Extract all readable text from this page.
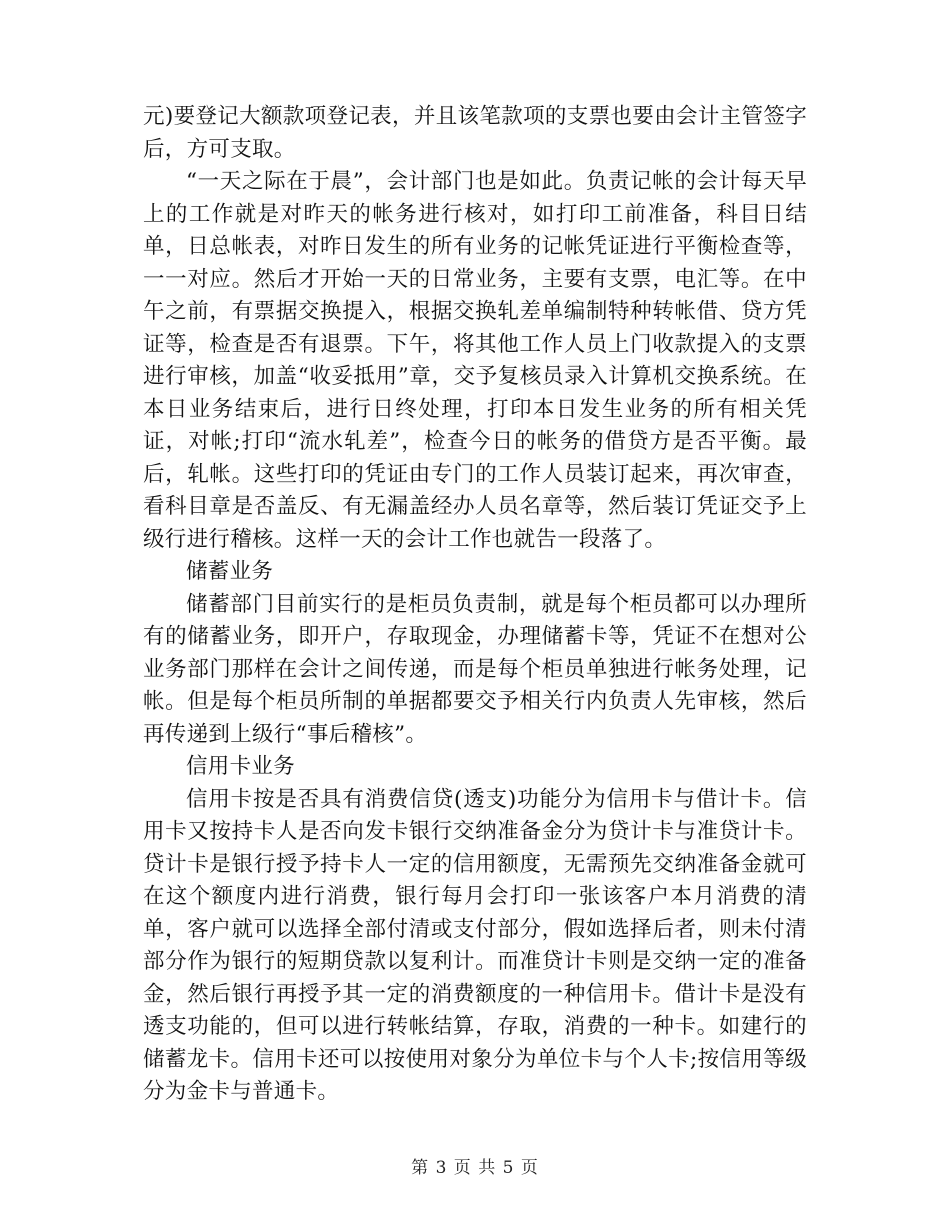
元)要登记大额款项登记表，并且该笔款项的支票也要由会计主管签字后，方可支取。

“一天之际在于晨”，会计部门也是如此。负责记帐的会计每天早上的工作就是对昨天的帐务进行核对，如打印工前准备，科目日结单，日总帐表，对昨日发生的所有业务的记帐凭证进行平衡检查等，一一对应。然后才开始一天的日常业务，主要有支票，电汇等。在中午之前，有票据交换提入，根据交换轧差单编制特种转帐借、贷方凭证等，检查是否有退票。下午，将其他工作人员上门收款提入的支票进行审核，加盖“收妥抵用”章，交予复核员录入计算机交换系统。在本日业务结束后，进行日终处理，打印本日发生业务的所有相关凭证，对帐;打印“流水轧差”，检查今日的帐务的借贷方是否平衡。最后，轧帐。这些打印的凭证由专门的工作人员装订起来，再次审查，看科目章是否盖反、有无漏盖经办人员名章等，然后装订凭证交予上级行进行稽核。这样一天的会计工作也就告一段落了。

储蓄业务

储蓄部门目前实行的是柜员负责制，就是每个柜员都可以办理所有的储蓄业务，即开户，存取现金，办理储蓄卡等，凭证不在想对公业务部门那样在会计之间传递，而是每个柜员单独进行帐务处理，记帐。但是每个柜员所制的单据都要交予相关行内负责人先审核，然后再传递到上级行“事后稽核”。

信用卡业务

信用卡按是否具有消费信贷(透支)功能分为信用卡与借计卡。信用卡又按持卡人是否向发卡银行交纳准备金分为贷计卡与准贷计卡。贷计卡是银行授予持卡人一定的信用额度，无需预先交纳准备金就可在这个额度内进行消费，银行每月会打印一张该客户本月消费的清单，客户就可以选择全部付清或支付部分，假如选择后者，则未付清部分作为银行的短期贷款以复利计。而准贷计卡则是交纳一定的准备金，然后银行再授予其一定的消费额度的一种信用卡。借计卡是没有透支功能的，但可以进行转帐结算，存取，消费的一种卡。如建行的储蓄龙卡。信用卡还可以按使用对象分为单位卡与个人卡;按信用等级分为金卡与普通卡。

第 3 页 共 5 页
